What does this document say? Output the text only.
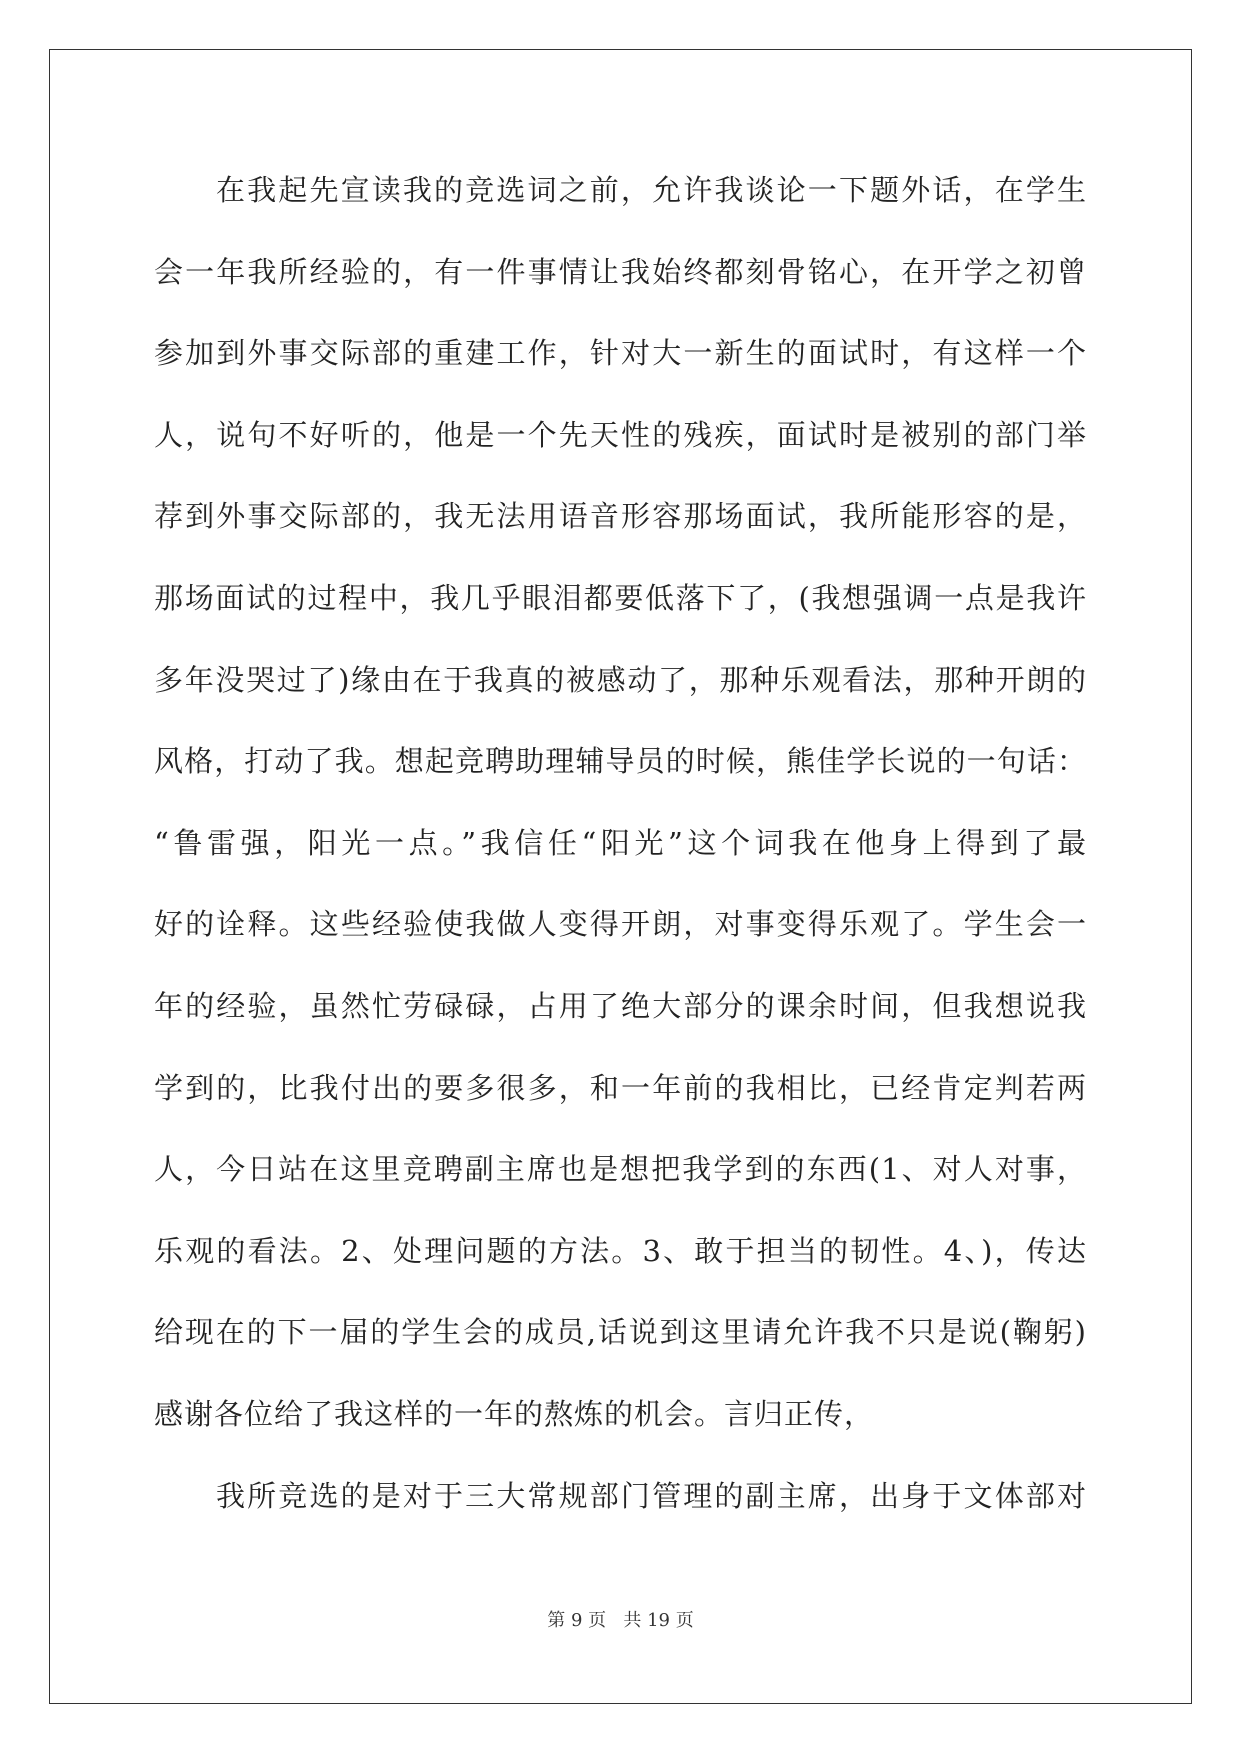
在我起先宣读我的竞选词之前，允许我谈论一下题外话，在学生
会一年我所经验的，有一件事情让我始终都刻骨铭心，在开学之初曾
参加到外事交际部的重建工作，针对大一新生的面试时，有这样一个
人，说句不好听的，他是一个先天性的残疾，面试时是被别的部门举
荐到外事交际部的，我无法用语音形容那场面试，我所能形容的是，
那场面试的过程中，我几乎眼泪都要低落下了，(我想强调一点是我许
多年没哭过了)缘由在于我真的被感动了，那种乐观看法，那种开朗的
风格，打动了我。想起竞聘助理辅导员的时候，熊佳学长说的一句话：
“鲁雷强，阳光一点。”我信任“阳光”这个词我在他身上得到了最
好的诠释。这些经验使我做人变得开朗，对事变得乐观了。学生会一
年的经验，虽然忙劳碌碌，占用了绝大部分的课余时间，但我想说我
学到的，比我付出的要多很多，和一年前的我相比，已经肯定判若两
人，今日站在这里竞聘副主席也是想把我学到的东西(1、对人对事，
乐观的看法。2、处理问题的方法。3、敢于担当的韧性。4、)，传达
给现在的下一届的学生会的成员,话说到这里请允许我不只是说(鞠躬)
感谢各位给了我这样的一年的熬炼的机会。言归正传，
我所竞选的是对于三大常规部门管理的副主席，出身于文体部对
第 9 页 共 19 页
